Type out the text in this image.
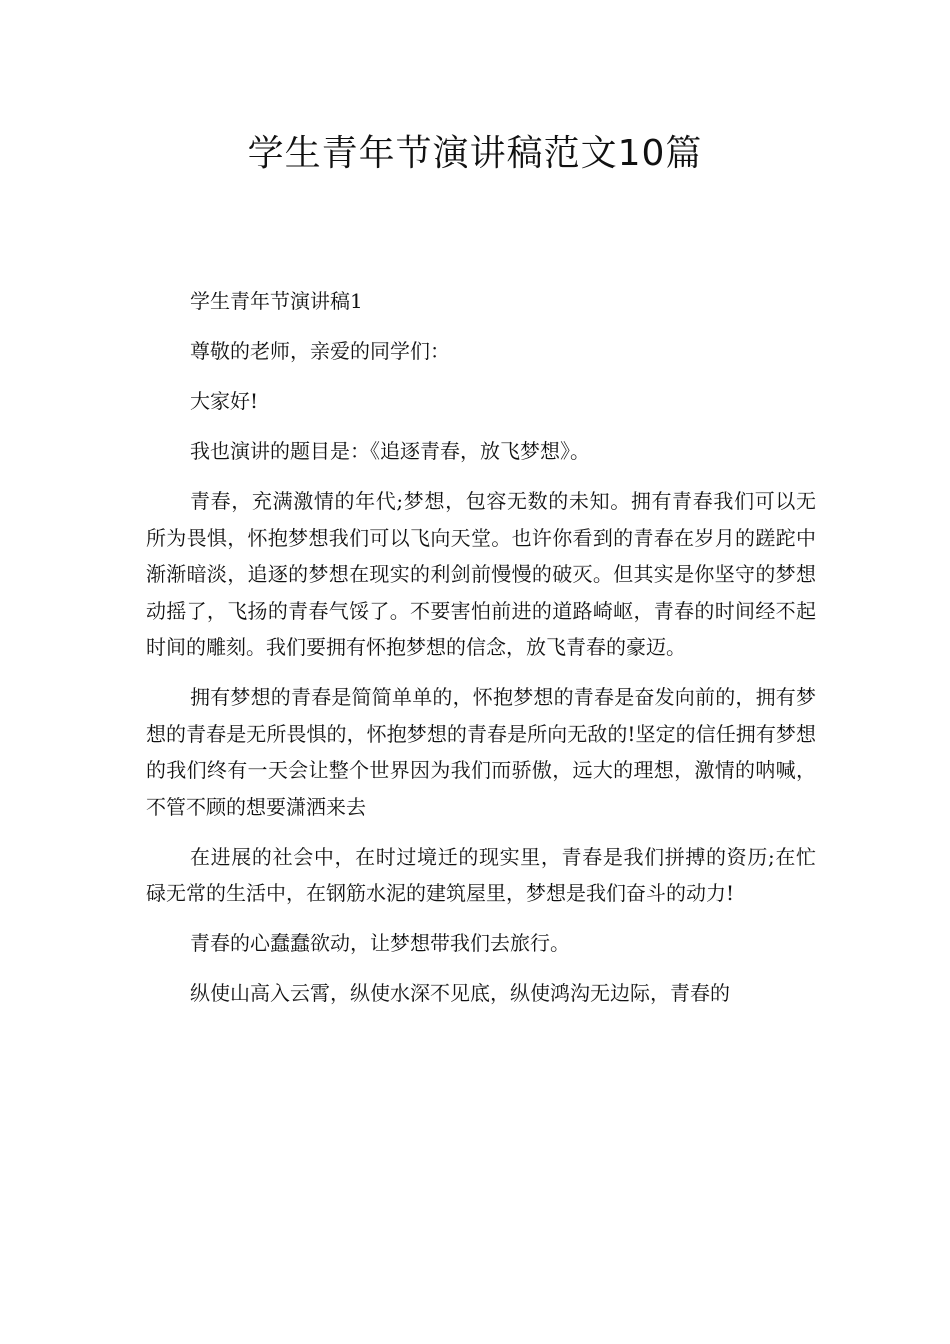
学生青年节演讲稿范文10篇

学生青年节演讲稿1

尊敬的老师，亲爱的同学们：

大家好!

我也演讲的题目是：《追逐青春，放飞梦想》。

青春，充满激情的年代;梦想，包容无数的未知。拥有青春我们可以无所为畏惧，怀抱梦想我们可以飞向天堂。也许你看到的青春在岁月的蹉跎中渐渐暗淡，追逐的梦想在现实的利剑前慢慢的破灭。但其实是你坚守的梦想动摇了，飞扬的青春气馁了。不要害怕前进的道路崎岖，青春的时间经不起时间的雕刻。我们要拥有怀抱梦想的信念，放飞青春的豪迈。

拥有梦想的青春是简简单单的，怀抱梦想的青春是奋发向前的，拥有梦想的青春是无所畏惧的，怀抱梦想的青春是所向无敌的!坚定的信任拥有梦想的我们终有一天会让整个世界因为我们而骄傲，远大的理想，激情的呐喊，不管不顾的想要潇洒来去

在进展的社会中，在时过境迁的现实里，青春是我们拼搏的资历;在忙碌无常的生活中，在钢筋水泥的建筑屋里，梦想是我们奋斗的动力!

青春的心蠢蠢欲动，让梦想带我们去旅行。

纵使山高入云霄，纵使水深不见底，纵使鸿沟无边际，青春的
